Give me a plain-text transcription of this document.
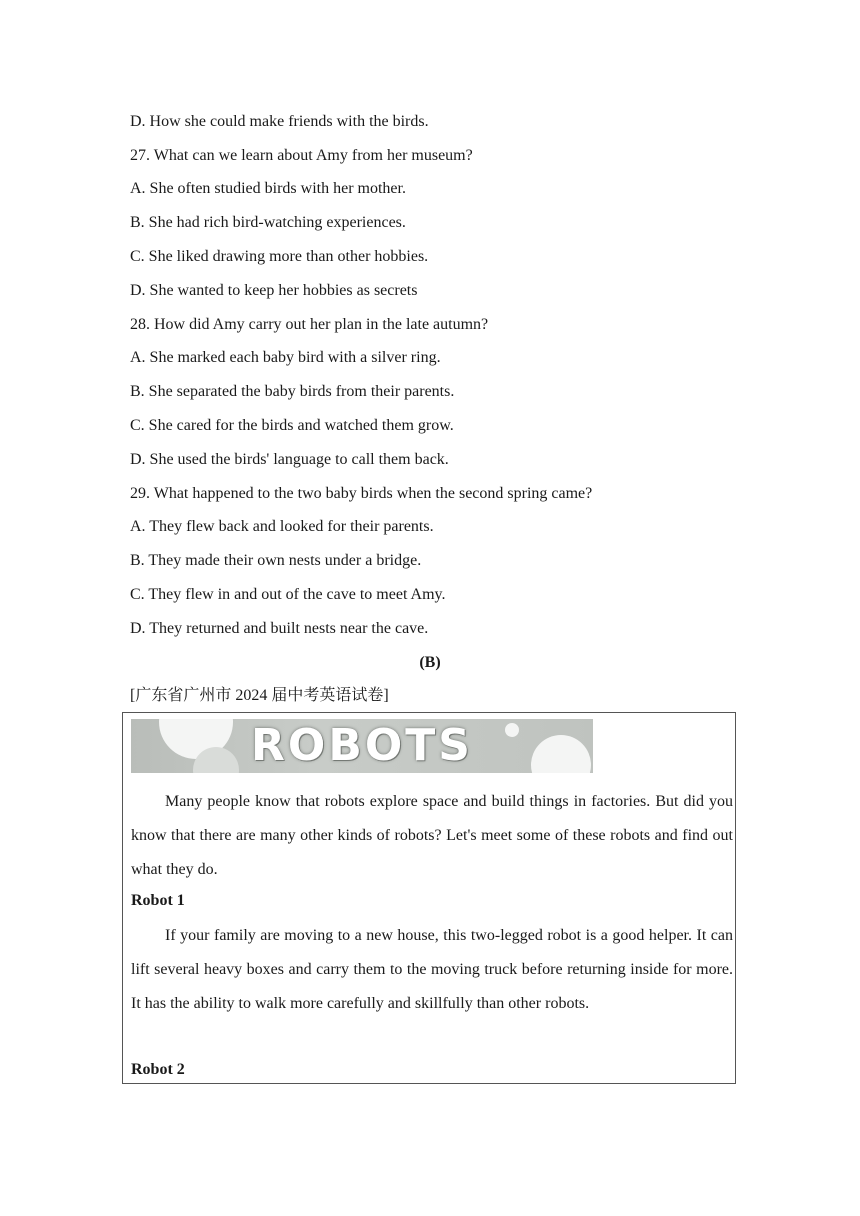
D. How she could make friends with the birds.
27. What can we learn about Amy from her museum?
A. She often studied birds with her mother.
B. She had rich bird-watching experiences.
C. She liked drawing more than other hobbies.
D. She wanted to keep her hobbies as secrets
28. How did Amy carry out her plan in the late autumn?
A. She marked each baby bird with a silver ring.
B. She separated the baby birds from their parents.
C. She cared for the birds and watched them grow.
D. She used the birds' language to call them back.
29. What happened to the two baby birds when the second spring came?
A. They flew back and looked for their parents.
B. They made their own nests under a bridge.
C. They flew in and out of the cave to meet Amy.
D. They returned and built nests near the cave.
(B)
[广东省广州市 2024 届中考英语试卷]
ROBOTS
Many people know that robots explore space and build things in factories. But did you know that there are many other kinds of robots? Let's meet some of these robots and find out what they do.
Robot 1
If your family are moving to a new house, this two-legged robot is a good helper. It can lift several heavy boxes and carry them to the moving truck before returning inside for more. It has the ability to walk more carefully and skillfully than other robots.
Robot 2
